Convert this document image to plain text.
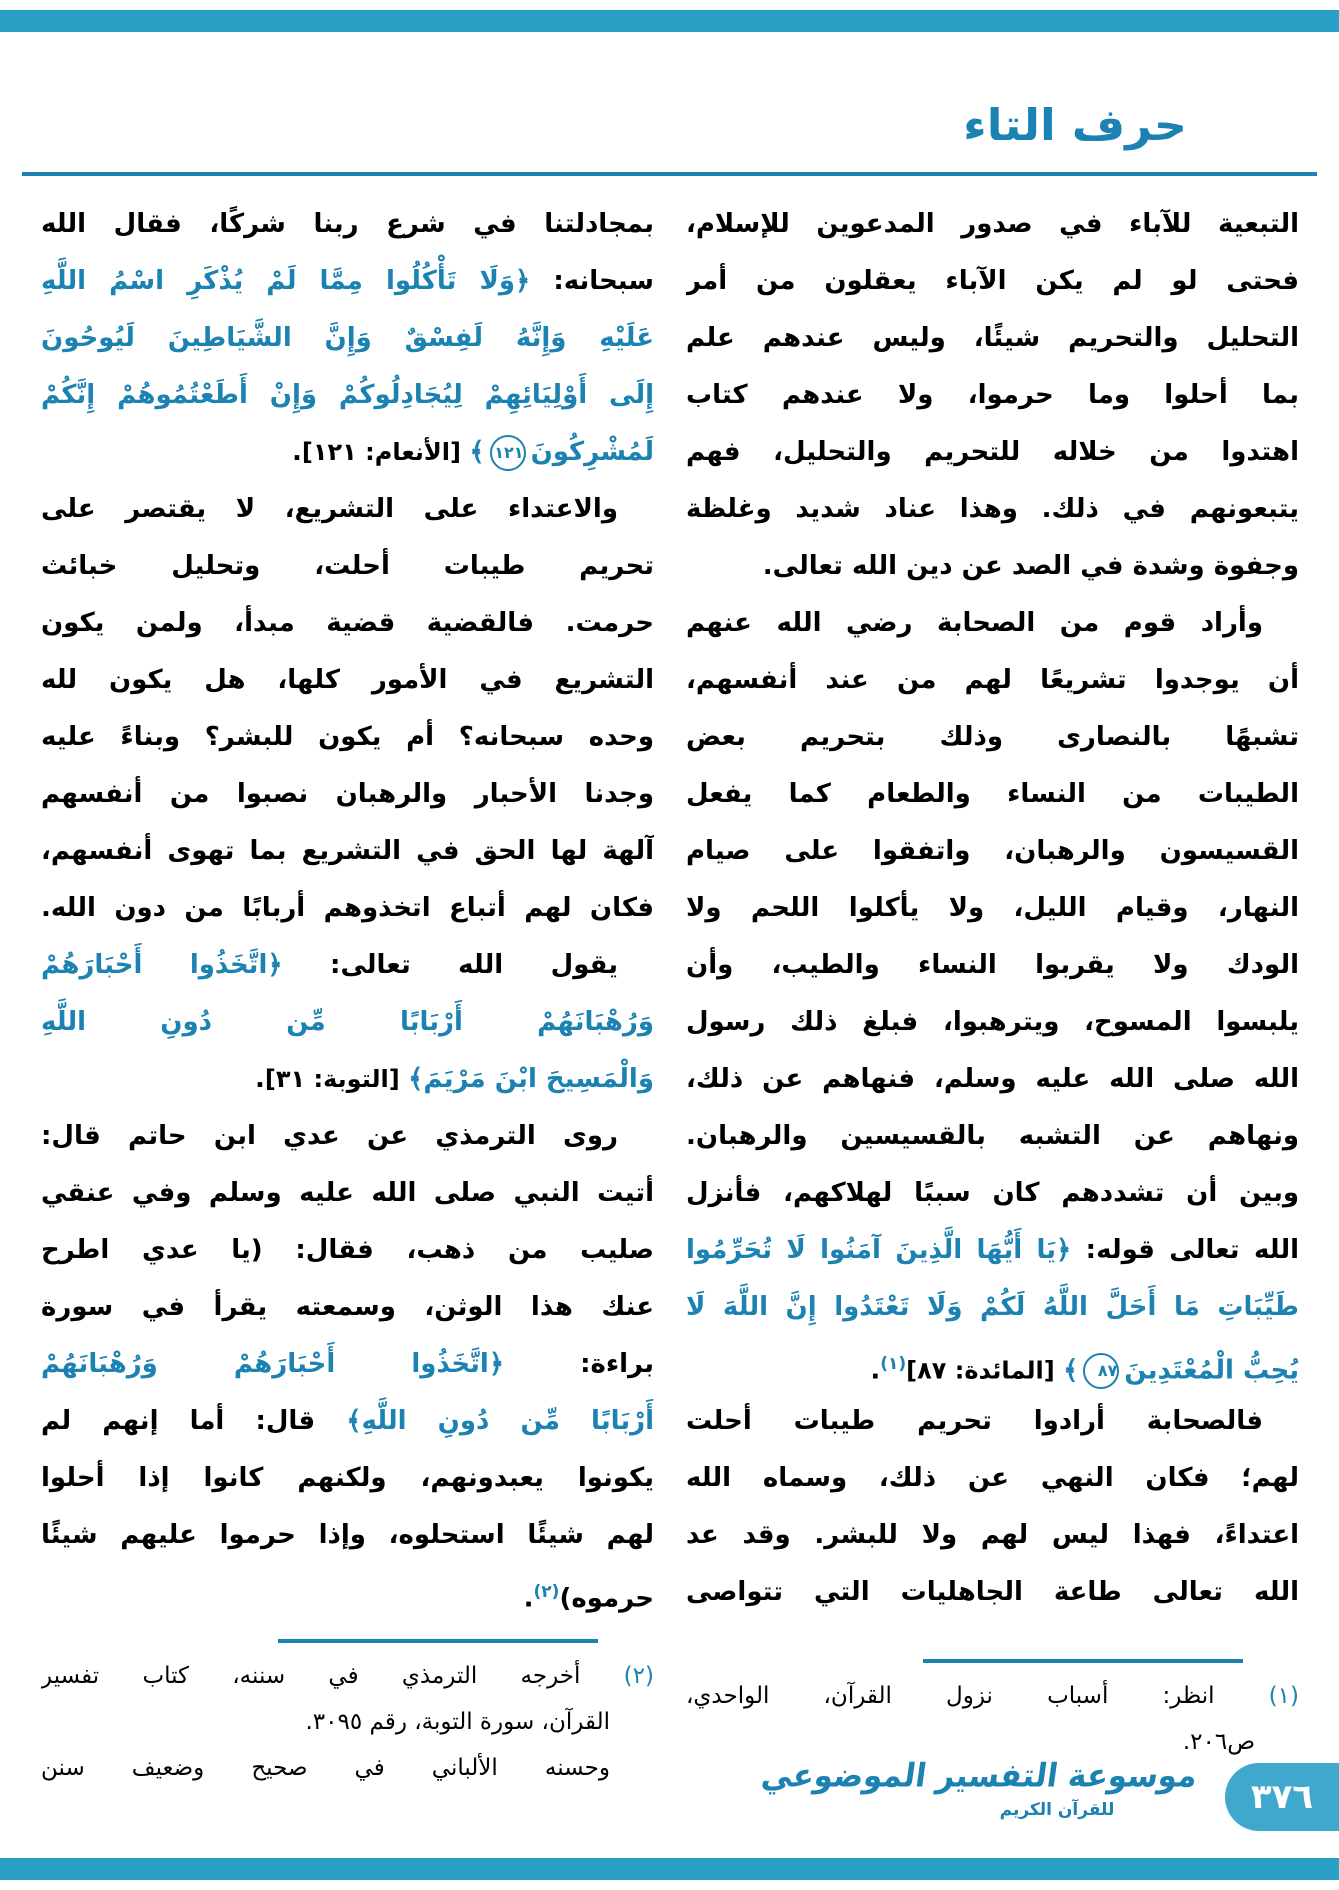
حرف التاء
التبعية للآباء في صدور المدعوين للإسلام،
فحتى لو لم يكن الآباء يعقلون من أمر
التحليل والتحريم شيئًا، وليس عندهم علم
بما أحلوا وما حرموا، ولا عندهم كتاب
اهتدوا من خلاله للتحريم والتحليل، فهم
يتبعونهم في ذلك. وهذا عناد شديد وغلظة
وجفوة وشدة في الصد عن دين الله تعالى.
وأراد قوم من الصحابة رضي الله عنهم
أن يوجدوا تشريعًا لهم من عند أنفسهم،
تشبهًا بالنصارى وذلك بتحريم بعض
الطيبات من النساء والطعام كما يفعل
القسيسون والرهبان، واتفقوا على صيام
النهار، وقيام الليل، ولا يأكلوا اللحم ولا
الودك ولا يقربوا النساء والطيب، وأن
يلبسوا المسوح، ويترهبوا، فبلغ ذلك رسول
الله صلى الله عليه وسلم، فنهاهم عن ذلك،
ونهاهم عن التشبه بالقسيسين والرهبان.
وبين أن تشددهم كان سببًا لهلاكهم، فأنزل
الله تعالى قوله: ﴿يَا أَيُّهَا الَّذِينَ آمَنُوا لَا تُحَرِّمُوا
طَيِّبَاتِ مَا أَحَلَّ اللَّهُ لَكُمْ وَلَا تَعْتَدُوا إِنَّ اللَّهَ لَا
يُحِبُّ الْمُعْتَدِينَ٨٧﴾ [المائدة: ٨٧]$^{(١)}$.
فالصحابة أرادوا تحريم طيبات أحلت
لهم؛ فكان النهي عن ذلك، وسماه الله
اعتداءً، فهذا ليس لهم ولا للبشر. وقد عد
الله تعالى طاعة الجاهليات التي تتواصى
(١) انظر: أسباب نزول القرآن، الواحدي،
ص٢٠٦.
بمجادلتنا في شرع ربنا شركًا، فقال الله
سبحانه: ﴿وَلَا تَأْكُلُوا مِمَّا لَمْ يُذْكَرِ اسْمُ اللَّهِ
عَلَيْهِ وَإِنَّهُ لَفِسْقٌ وَإِنَّ الشَّيَاطِينَ لَيُوحُونَ
إِلَى أَوْلِيَائِهِمْ لِيُجَادِلُوكُمْ وَإِنْ أَطَعْتُمُوهُمْ إِنَّكُمْ
لَمُشْرِكُونَ١٢١﴾ [الأنعام: ١٢١].
والاعتداء على التشريع، لا يقتصر على
تحريم طيبات أحلت، وتحليل خبائث
حرمت. فالقضية قضية مبدأ، ولمن يكون
التشريع في الأمور كلها، هل يكون لله
وحده سبحانه؟ أم يكون للبشر؟ وبناءً عليه
وجدنا الأحبار والرهبان نصبوا من أنفسهم
آلهة لها الحق في التشريع بما تهوى أنفسهم،
فكان لهم أتباع اتخذوهم أربابًا من دون الله.
يقول الله تعالى: ﴿اتَّخَذُوا أَحْبَارَهُمْ
وَرُهْبَانَهُمْ أَرْبَابًا مِّن دُونِ اللَّهِ
وَالْمَسِيحَ ابْنَ مَرْيَمَ﴾ [التوبة: ٣١].
روى الترمذي عن عدي ابن حاتم قال:
أتيت النبي صلى الله عليه وسلم وفي عنقي
صليب من ذهب، فقال: (يا عدي اطرح
عنك هذا الوثن، وسمعته يقرأ في سورة
براءة: ﴿اتَّخَذُوا أَحْبَارَهُمْ وَرُهْبَانَهُمْ
أَرْبَابًا مِّن دُونِ اللَّهِ﴾ قال: أما إنهم لم
يكونوا يعبدونهم، ولكنهم كانوا إذا أحلوا
لهم شيئًا استحلوه، وإذا حرموا عليهم شيئًا
حرموه)$^{(٢)}$.
(٢) أخرجه الترمذي في سننه، كتاب تفسير
القرآن، سورة التوبة، رقم ٣٠٩٥.
وحسنه الألباني في صحيح وضعيف سنن	موسوعة التفسير الموضوعي
للقرآن الكريم	٣٧٦
